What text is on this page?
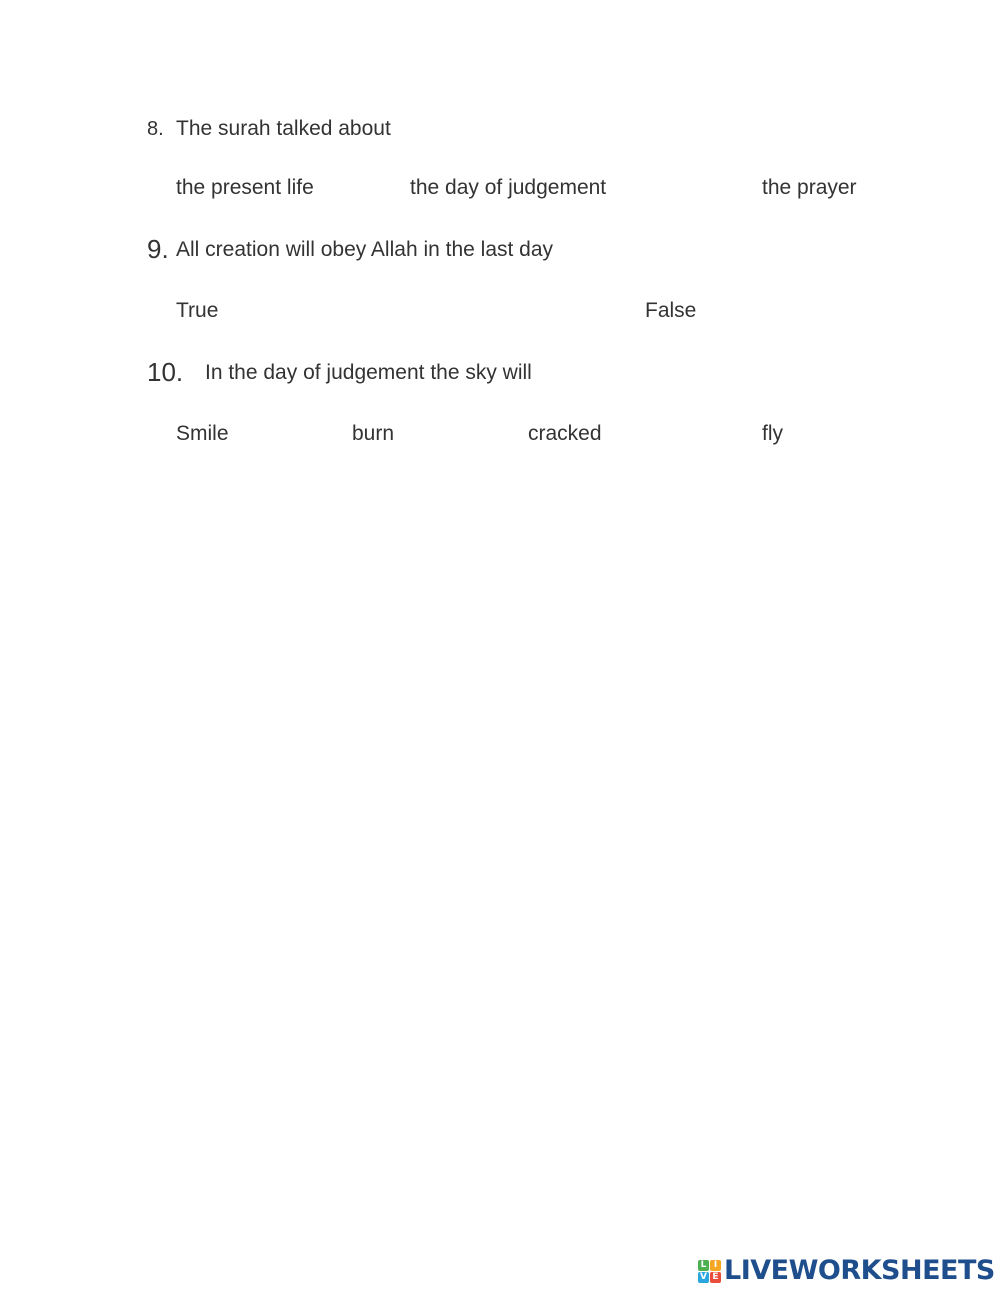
8. The surah talked about
the present life	the day of judgement	the prayer
9. All creation will obey Allah in the last day
True	False
10. In the day of judgement the sky will
Smile	burn	cracked	fly
L I
V E LIVEWORKSHEETS
